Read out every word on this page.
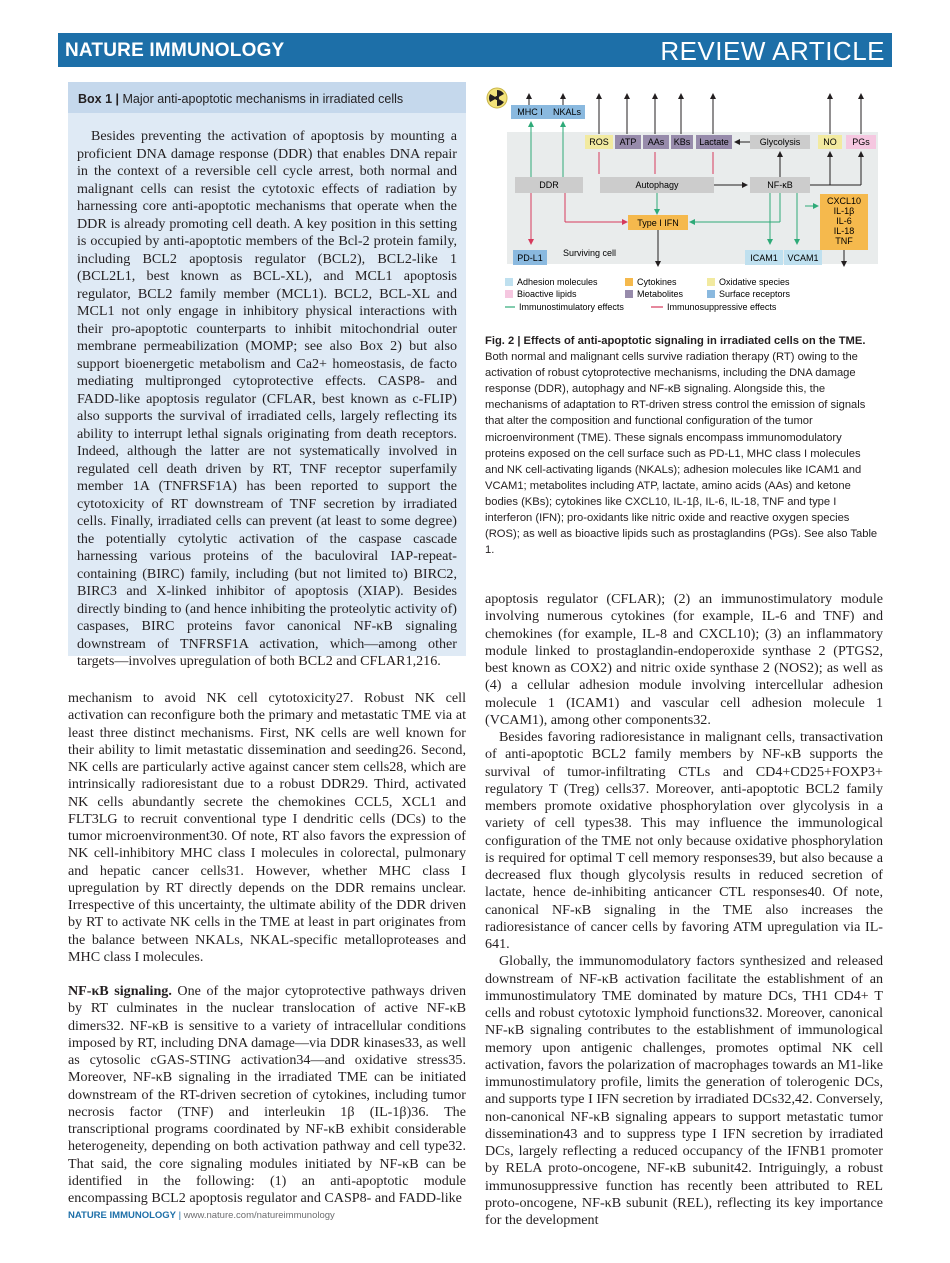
NATURE IMMUNOLOGY	REVIEW ARTICLE
Box 1 | Major anti-apoptotic mechanisms in irradiated cells

Besides preventing the activation of apoptosis by mounting a proficient DNA damage response (DDR) that enables DNA repair in the context of a reversible cell cycle arrest, both normal and malignant cells can resist the cytotoxic effects of radiation by harnessing core anti-apoptotic mechanisms that operate when the DDR is already promoting cell death. A key position in this setting is occupied by anti-apoptotic members of the Bcl-2 protein family, including BCL2 apoptosis regulator (BCL2), BCL2-like 1 (BCL2L1, best known as BCL-XL), and MCL1 apoptosis regulator, BCL2 family member (MCL1). BCL2, BCL-XL and MCL1 not only engage in inhibitory physical interactions with their pro-apoptotic counterparts to inhibit mitochondrial outer membrane permeabilization (MOMP; see also Box 2) but also support bioenergetic metabolism and Ca2+ homeostasis, de facto mediating multipronged cytoprotective effects. CASP8- and FADD-like apoptosis regulator (CFLAR, best known as c-FLIP) also supports the survival of irradiated cells, largely reflecting its ability to interrupt lethal signals originating from death receptors. Indeed, although the latter are not systematically involved in regulated cell death driven by RT, TNF receptor superfamily member 1A (TNFRSF1A) has been reported to support the cytotoxicity of RT downstream of TNF secretion by irradiated cells. Finally, irradiated cells can prevent (at least to some degree) the potentially cytolytic activation of the caspase cascade harnessing various proteins of the baculoviral IAP-repeat-containing (BIRC) family, including (but not limited to) BIRC2, BIRC3 and X-linked inhibitor of apoptosis (XIAP). Besides directly binding to (and hence inhibiting the proteolytic activity of) caspases, BIRC proteins favor canonical NF-κB signaling downstream of TNFRSF1A activation, which—among other targets—involves upregulation of both BCL2 and CFLAR1,216.

MHC I NKALs
ROS ATP AAs KBs Lactate	Glycolysis	NO PGs
DDR	Autophagy	NF-κB
Type I IFN
CXCL10
IL-1β
IL-6
IL-18
TNF
PD-L1 Surviving cell	ICAM1 VCAM1
Adhesion molecules
Bioactive lipids
Cytokines
Metabolites
Oxidative species
Surface receptors
Immunostimulatory effects	Immunosuppressive effects

Fig. 2 | Effects of anti-apoptotic signaling in irradiated cells on the TME. Both normal and malignant cells survive radiation therapy (RT) owing to the activation of robust cytoprotective mechanisms, including the DNA damage response (DDR), autophagy and NF-κB signaling. Alongside this, the mechanisms of adaptation to RT-driven stress control the emission of signals that alter the composition and functional configuration of the tumor microenvironment (TME). These signals encompass immunomodulatory proteins exposed on the cell surface such as PD-L1, MHC class I molecules and NK cell-activating ligands (NKALs); adhesion molecules like ICAM1 and VCAM1; metabolites including ATP, lactate, amino acids (AAs) and ketone bodies (KBs); cytokines like CXCL10, IL-1β, IL-6, IL-18, TNF and type I interferon (IFN); pro-oxidants like nitric oxide and reactive oxygen species (ROS); as well as bioactive lipids such as prostaglandins (PGs). See also Table 1.

mechanism to avoid NK cell cytotoxicity27. Robust NK cell activation can reconfigure both the primary and metastatic TME via at least three distinct mechanisms. First, NK cells are well known for their ability to limit metastatic dissemination and seeding26. Second, NK cells are particularly active against cancer stem cells28, which are intrinsically radioresistant due to a robust DDR29. Third, activated NK cells abundantly secrete the chemokines CCL5, XCL1 and FLT3LG to recruit conventional type I dendritic cells (DCs) to the tumor microenvironment30. Of note, RT also favors the expression of NK cell-inhibitory MHC class I molecules in colorectal, pulmonary and hepatic cancer cells31. However, whether MHC class I upregulation by RT directly depends on the DDR remains unclear. Irrespective of this uncertainty, the ultimate ability of the DDR driven by RT to activate NK cells in the TME at least in part originates from the balance between NKALs, NKAL-specific metalloproteases and MHC class I molecules.

NF-κB signaling. One of the major cytoprotective pathways driven by RT culminates in the nuclear translocation of active NF-κB dimers32. NF-κB is sensitive to a variety of intracellular conditions imposed by RT, including DNA damage—via DDR kinases33, as well as cytosolic cGAS-STING activation34—and oxidative stress35. Moreover, NF-κB signaling in the irradiated TME can be initiated downstream of the RT-driven secretion of cytokines, including tumor necrosis factor (TNF) and interleukin 1β (IL-1β)36. The transcriptional programs coordinated by NF-κB exhibit considerable heterogeneity, depending on both activation pathway and cell type32. That said, the core signaling modules initiated by NF-κB can be identified in the following: (1) an anti-apoptotic module encompassing BCL2 apoptosis regulator and CASP8- and FADD-like

apoptosis regulator (CFLAR); (2) an immunostimulatory module involving numerous cytokines (for example, IL-6 and TNF) and chemokines (for example, IL-8 and CXCL10); (3) an inflammatory module linked to prostaglandin-endoperoxide synthase 2 (PTGS2, best known as COX2) and nitric oxide synthase 2 (NOS2); as well as (4) a cellular adhesion module involving intercellular adhesion molecule 1 (ICAM1) and vascular cell adhesion molecule 1 (VCAM1), among other components32.

Besides favoring radioresistance in malignant cells, transactivation of anti-apoptotic BCL2 family members by NF-κB supports the survival of tumor-infiltrating CTLs and CD4+CD25+FOXP3+ regulatory T (Treg) cells37. Moreover, anti-apoptotic BCL2 family members promote oxidative phosphorylation over glycolysis in a variety of cell types38. This may influence the immunological configuration of the TME not only because oxidative phosphorylation is required for optimal T cell memory responses39, but also because a decreased flux though glycolysis results in reduced secretion of lactate, hence de-inhibiting anticancer CTL responses40. Of note, canonical NF-κB signaling in the TME also increases the radioresistance of cancer cells by favoring ATM upregulation via IL-641.

Globally, the immunomodulatory factors synthesized and released downstream of NF-κB activation facilitate the establishment of an immunostimulatory TME dominated by mature DCs, TH1 CD4+ T cells and robust cytotoxic lymphoid functions32. Moreover, canonical NF-κB signaling contributes to the establishment of immunological memory upon antigenic challenges, promotes optimal NK cell activation, favors the polarization of macrophages towards an M1-like immunostimulatory profile, limits the generation of tolerogenic DCs, and supports type I IFN secretion by irradiated DCs32,42. Conversely, non-canonical NF-κB signaling appears to support metastatic tumor dissemination43 and to suppress type I IFN secretion by irradiated DCs, largely reflecting a reduced occupancy of the IFNB1 promoter by RELA proto-oncogene, NF-κB subunit42. Intriguingly, a robust immunosuppressive function has recently been attributed to REL proto-oncogene, NF-κB subunit (REL), reflecting its key importance for the development

NATURE IMMUNOLOGY | www.nature.com/natureimmunology
